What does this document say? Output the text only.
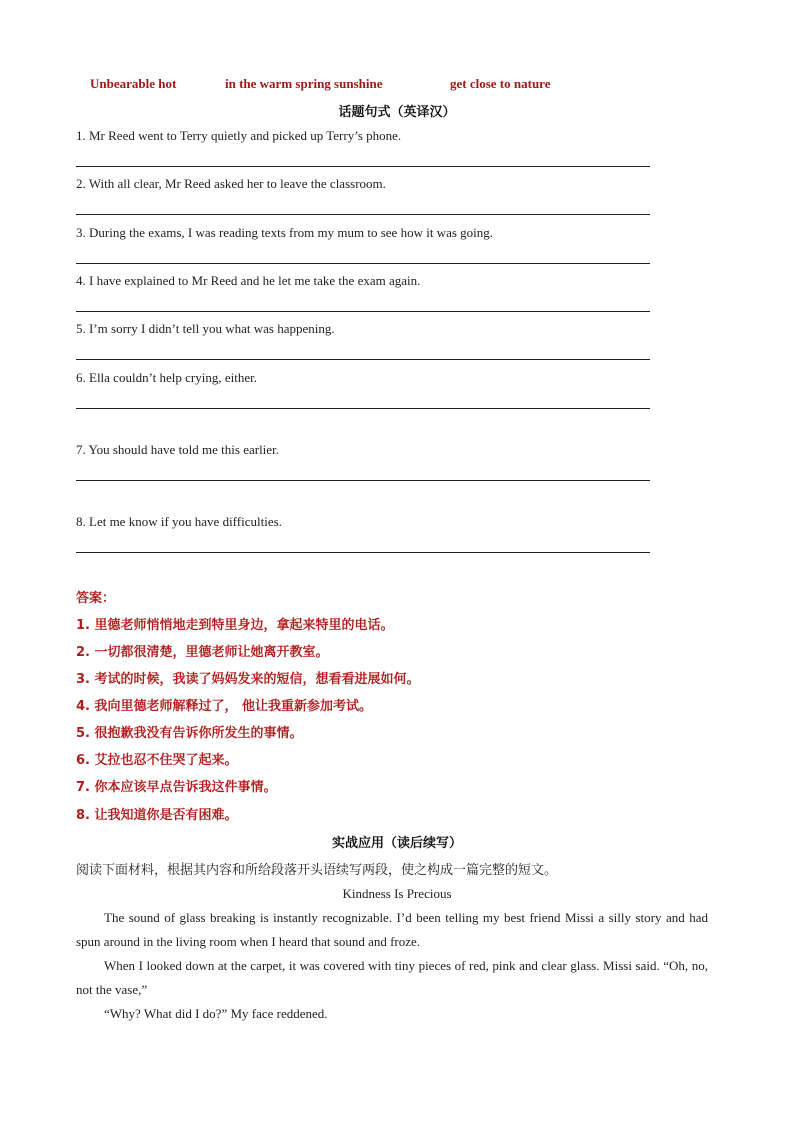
Unbearable hot	in the warm spring sunshine	get close to nature
话题句式（英译汉）
1. Mr Reed went to Terry quietly and picked up Terry’s phone.
2. With all clear, Mr Reed asked her to leave the classroom.
3. During the exams, I was reading texts from my mum to see how it was going.
4. I have explained to Mr Reed and he let me take the exam again.
5. I’m sorry I didn’t tell you what was happening.
6. Ella couldn’t help crying, either.
7. You should have told me this earlier.
8. Let me know if you have difficulties.
答案：
1. 里德老师悄悄地走到特里身边，拿起来特里的电话。
2. 一切都很清楚，里德老师让她离开教室。
3. 考试的时候，我读了妈妈发来的短信，想看看进展如何。
4. 我向里德老师解释过了， 他让我重新参加考试。
5. 很抱歉我没有告诉你所发生的事情。
6. 艾拉也忍不住哭了起来。
7. 你本应该早点告诉我这件事情。
8. 让我知道你是否有困难。
实战应用（读后续写）
阅读下面材料，根据其内容和所给段落开头语续写两段，使之构成一篇完整的短文。
Kindness Is Precious
The sound of glass breaking is instantly recognizable. I’d been telling my best friend Missi a silly story and had spun around in the living room when I heard that sound and froze.
When I looked down at the carpet, it was covered with tiny pieces of red, pink and clear glass. Missi said. “Oh, no, not the vase,”
“Why? What did I do?” My face reddened.
